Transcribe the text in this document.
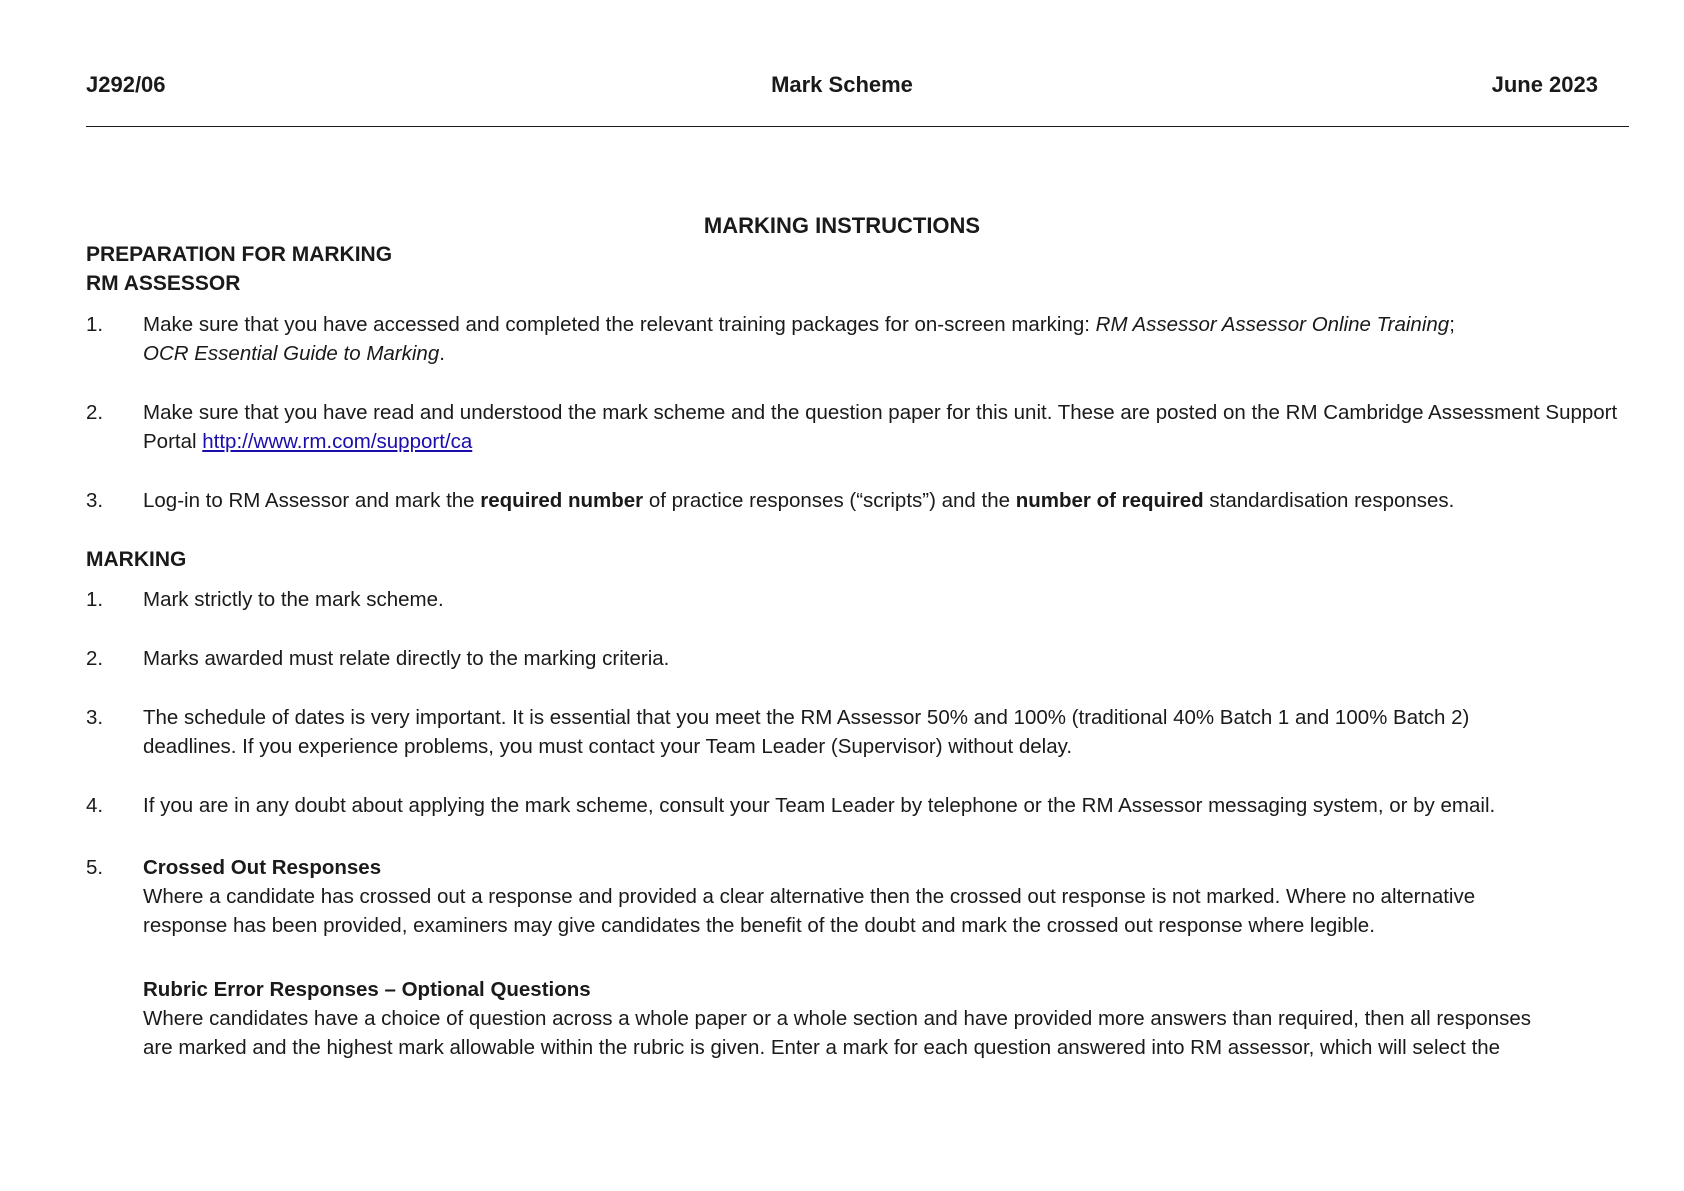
J292/06	Mark Scheme	June 2023
MARKING INSTRUCTIONS
PREPARATION FOR MARKING
RM ASSESSOR
1.	Make sure that you have accessed and completed the relevant training packages for on-screen marking: RM Assessor Assessor Online Training;
OCR Essential Guide to Marking.
2.	Make sure that you have read and understood the mark scheme and the question paper for this unit. These are posted on the RM Cambridge Assessment Support Portal http://www.rm.com/support/ca
3.	Log-in to RM Assessor and mark the required number of practice responses (“scripts”) and the number of required standardisation responses.
MARKING
1.	Mark strictly to the mark scheme.
2.	Marks awarded must relate directly to the marking criteria.
3.	The schedule of dates is very important. It is essential that you meet the RM Assessor 50% and 100% (traditional 40% Batch 1 and 100% Batch 2)
deadlines. If you experience problems, you must contact your Team Leader (Supervisor) without delay.
4.	If you are in any doubt about applying the mark scheme, consult your Team Leader by telephone or the RM Assessor messaging system, or by email.
5.	Crossed Out Responses
Where a candidate has crossed out a response and provided a clear alternative then the crossed out response is not marked. Where no alternative
response has been provided, examiners may give candidates the benefit of the doubt and mark the crossed out response where legible.
Rubric Error Responses – Optional Questions
Where candidates have a choice of question across a whole paper or a whole section and have provided more answers than required, then all responses
are marked and the highest mark allowable within the rubric is given. Enter a mark for each question answered into RM assessor, which will select the
